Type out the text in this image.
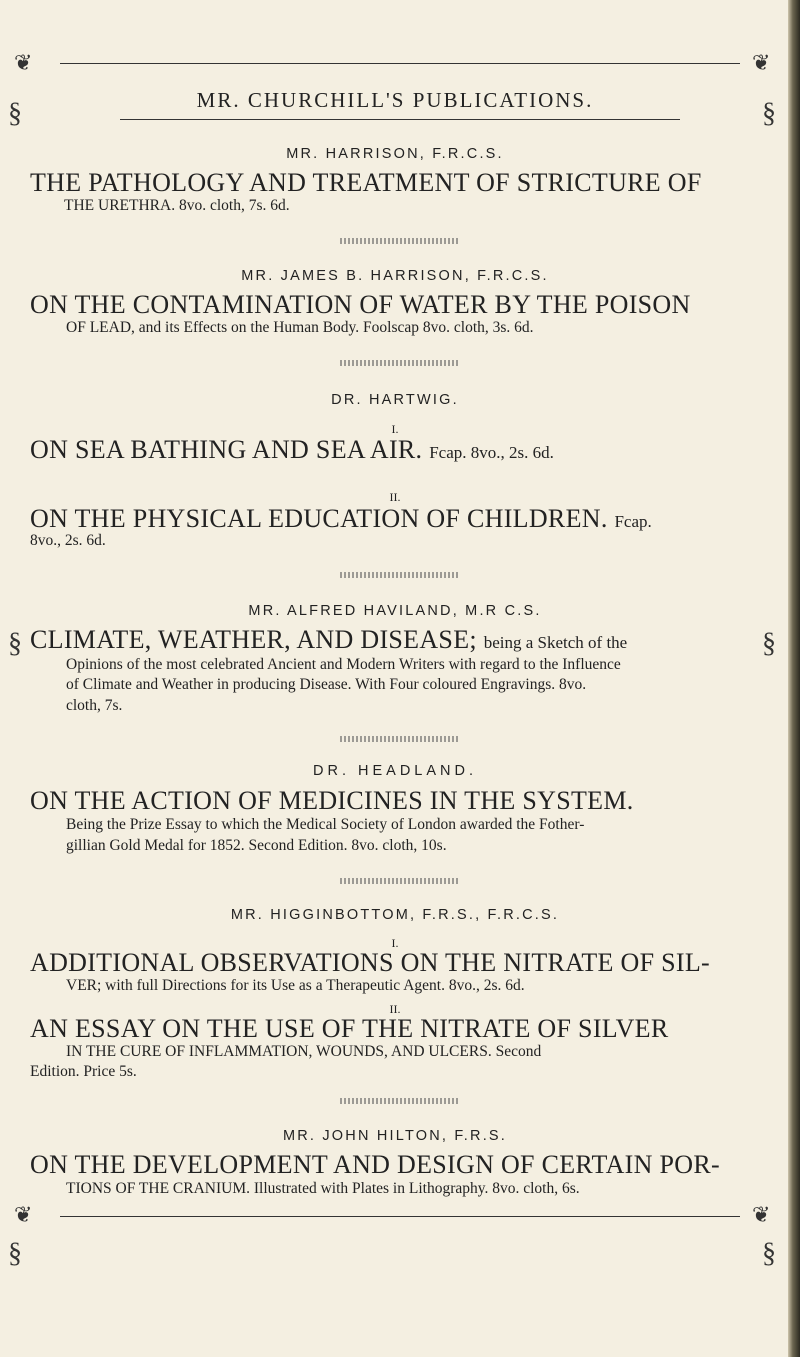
❦	❦
MR. CHURCHILL'S PUBLICATIONS.
§	§
§	§
§	§
MR. HARRISON, F.R.C.S.
THE PATHOLOGY AND TREATMENT OF STRICTURE OF
THE URETHRA. 8vo. cloth, 7s. 6d.
MR. JAMES B. HARRISON, F.R.C.S.
ON THE CONTAMINATION OF WATER BY THE POISON
OF LEAD, and its Effects on the Human Body. Foolscap 8vo. cloth, 3s. 6d.
DR. HARTWIG.
I.
ON SEA BATHING AND SEA AIR. Fcap. 8vo., 2s. 6d.
II.
ON THE PHYSICAL EDUCATION OF CHILDREN. Fcap.
8vo., 2s. 6d.
MR. ALFRED HAVILAND, M.R C.S.
CLIMATE, WEATHER, AND DISEASE; being a Sketch of the
Opinions of the most celebrated Ancient and Modern Writers with regard to the Influence
of Climate and Weather in producing Disease. With Four coloured Engravings. 8vo.
cloth, 7s.
DR. HEADLAND.
ON THE ACTION OF MEDICINES IN THE SYSTEM.
Being the Prize Essay to which the Medical Society of London awarded the Fother-
gillian Gold Medal for 1852. Second Edition. 8vo. cloth, 10s.
MR. HIGGINBOTTOM, F.R.S., F.R.C.S.
I.
ADDITIONAL OBSERVATIONS ON THE NITRATE OF SIL-
VER; with full Directions for its Use as a Therapeutic Agent. 8vo., 2s. 6d.
II.
AN ESSAY ON THE USE OF THE NITRATE OF SILVER
IN THE CURE OF INFLAMMATION, WOUNDS, AND ULCERS. Second
Edition. Price 5s.
MR. JOHN HILTON, F.R.S.
ON THE DEVELOPMENT AND DESIGN OF CERTAIN POR-
TIONS OF THE CRANIUM. Illustrated with Plates in Lithography. 8vo. cloth, 6s.
❦	❦
